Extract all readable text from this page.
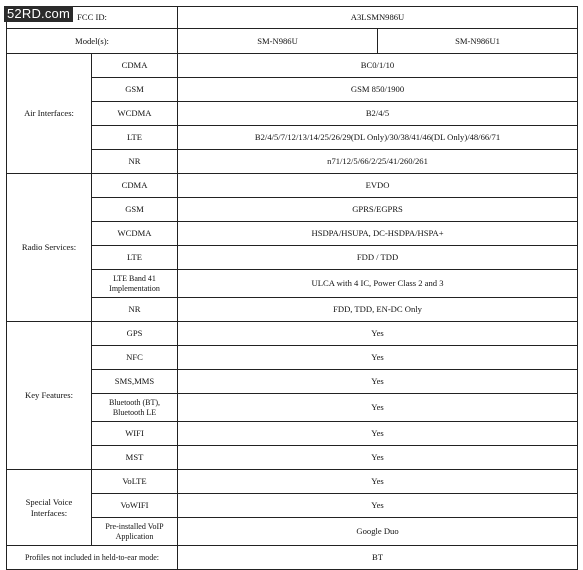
52RD.com FCC ID:		A3LSMN986U	
Model(s):		SM-N986U	SM-N986U1
Air Interfaces:	CDMA	BC0/1/10	
	GSM	GSM 850/1900	
	WCDMA	B2/4/5	
	LTE	B2/4/5/7/12/13/14/25/26/29(DL Only)/30/38/41/46(DL Only)/48/66/71	
	NR	n71/12/5/66/2/25/41/260/261	
Radio Services:	CDMA	EVDO	
	GSM	GPRS/EGPRS	
	WCDMA	HSDPA/HSUPA, DC-HSDPA/HSPA+	
	LTE	FDD / TDD	
	LTE Band 41 Implementation	ULCA with 4 IC, Power Class 2 and 3	
	NR	FDD, TDD, EN-DC Only	
Key Features:	GPS	Yes	
	NFC	Yes	
	SMS,MMS	Yes	
	Bluetooth (BT), Bluetooth LE	Yes	
	WIFI	Yes	
	MST	Yes	
Special Voice Interfaces:	VoLTE	Yes	
	VoWIFI	Yes	
	Pre-installed VoIP Application	Google Duo	
Profiles not included in held-to-ear mode:		BT	
